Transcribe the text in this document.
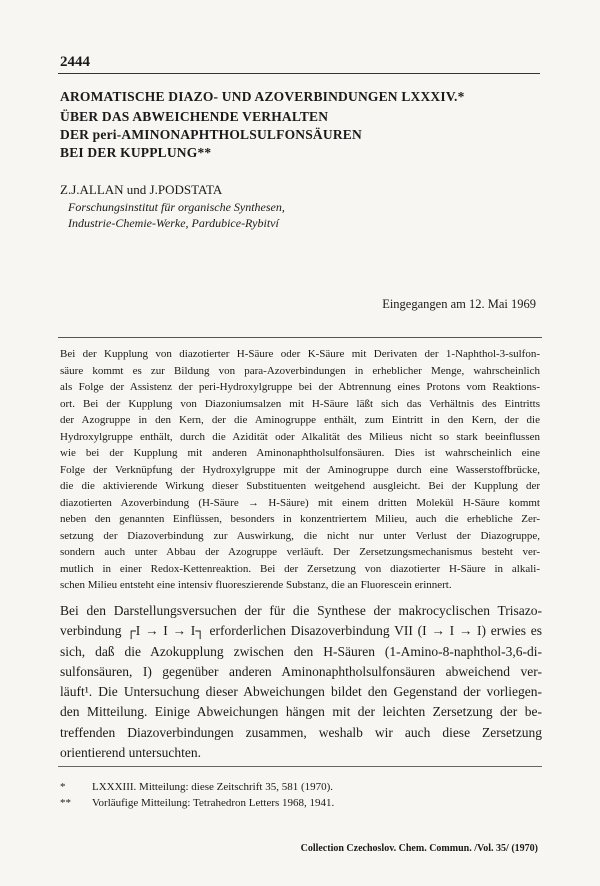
2444
AROMATISCHE DIAZO- UND AZOVERBINDUNGEN LXXXIV.*
ÜBER DAS ABWEICHENDE VERHALTEN
DER peri-AMINONAPHTHOLSULFONSÄUREN
BEI DER KUPPLUNG**
Z.J.ALLAN und J.PODSTATA
Forschungsinstitut für organische Synthesen,
Industrie-Chemie-Werke, Pardubice-Rybitví
Eingegangen am 12. Mai 1969
Bei der Kupplung von diazotierter H-Säure oder K-Säure mit Derivaten der 1-Naphthol-3-sulfon-
säure kommt es zur Bildung von para-Azoverbindungen in erheblicher Menge, wahrscheinlich
als Folge der Assistenz der peri-Hydroxylgruppe bei der Abtrennung eines Protons vom Reaktions-
ort. Bei der Kupplung von Diazoniumsalzen mit H-Säure läßt sich das Verhältnis des Eintritts
der Azogruppe in den Kern, der die Aminogruppe enthält, zum Eintritt in den Kern, der die
Hydroxylgruppe enthält, durch die Azidität oder Alkalität des Milieus nicht so stark beeinflussen
wie bei der Kupplung mit anderen Aminonaphtholsulfonsäuren. Dies ist wahrscheinlich eine
Folge der Verknüpfung der Hydroxylgruppe mit der Aminogruppe durch eine Wasserstoffbrücke,
die die aktivierende Wirkung dieser Substituenten weitgehend ausgleicht. Bei der Kupplung der
diazotierten Azoverbindung (H-Säure → H-Säure) mit einem dritten Molekül H-Säure kommt
neben den genannten Einflüssen, besonders in konzentriertem Milieu, auch die erhebliche Zer-
setzung der Diazoverbindung zur Auswirkung, die nicht nur unter Verlust der Diazogruppe,
sondern auch unter Abbau der Azogruppe verläuft. Der Zersetzungsmechanismus besteht ver-
mutlich in einer Redox-Kettenreaktion. Bei der Zersetzung von diazotierter H-Säure in alkali-
schen Milieu entsteht eine intensiv fluoreszierende Substanz, die an Fluorescein erinnert.
Bei den Darstellungsversuchen der für die Synthese der makrocyclischen Trisazo-
verbindung ┌I → I → I┐ erforderlichen Disazoverbindung VII (I → I → I) erwies es
sich, daß die Azokupplung zwischen den H-Säuren (1-Amino-8-naphthol-3,6-di-
sulfonsäuren, I) gegenüber anderen Aminonaphtholsulfonsäuren abweichend ver-
läuft¹. Die Untersuchung dieser Abweichungen bildet den Gegenstand der vorliegen-
den Mitteilung. Einige Abweichungen hängen mit der leichten Zersetzung der be-
treffenden Diazoverbindungen zusammen, weshalb wir auch diese Zersetzung
orientierend untersuchten.
* LXXXIII. Mitteilung: diese Zeitschrift 35, 581 (1970).
** Vorläufige Mitteilung: Tetrahedron Letters 1968, 1941.
Collection Czechoslov. Chem. Commun. /Vol. 35/ (1970)
